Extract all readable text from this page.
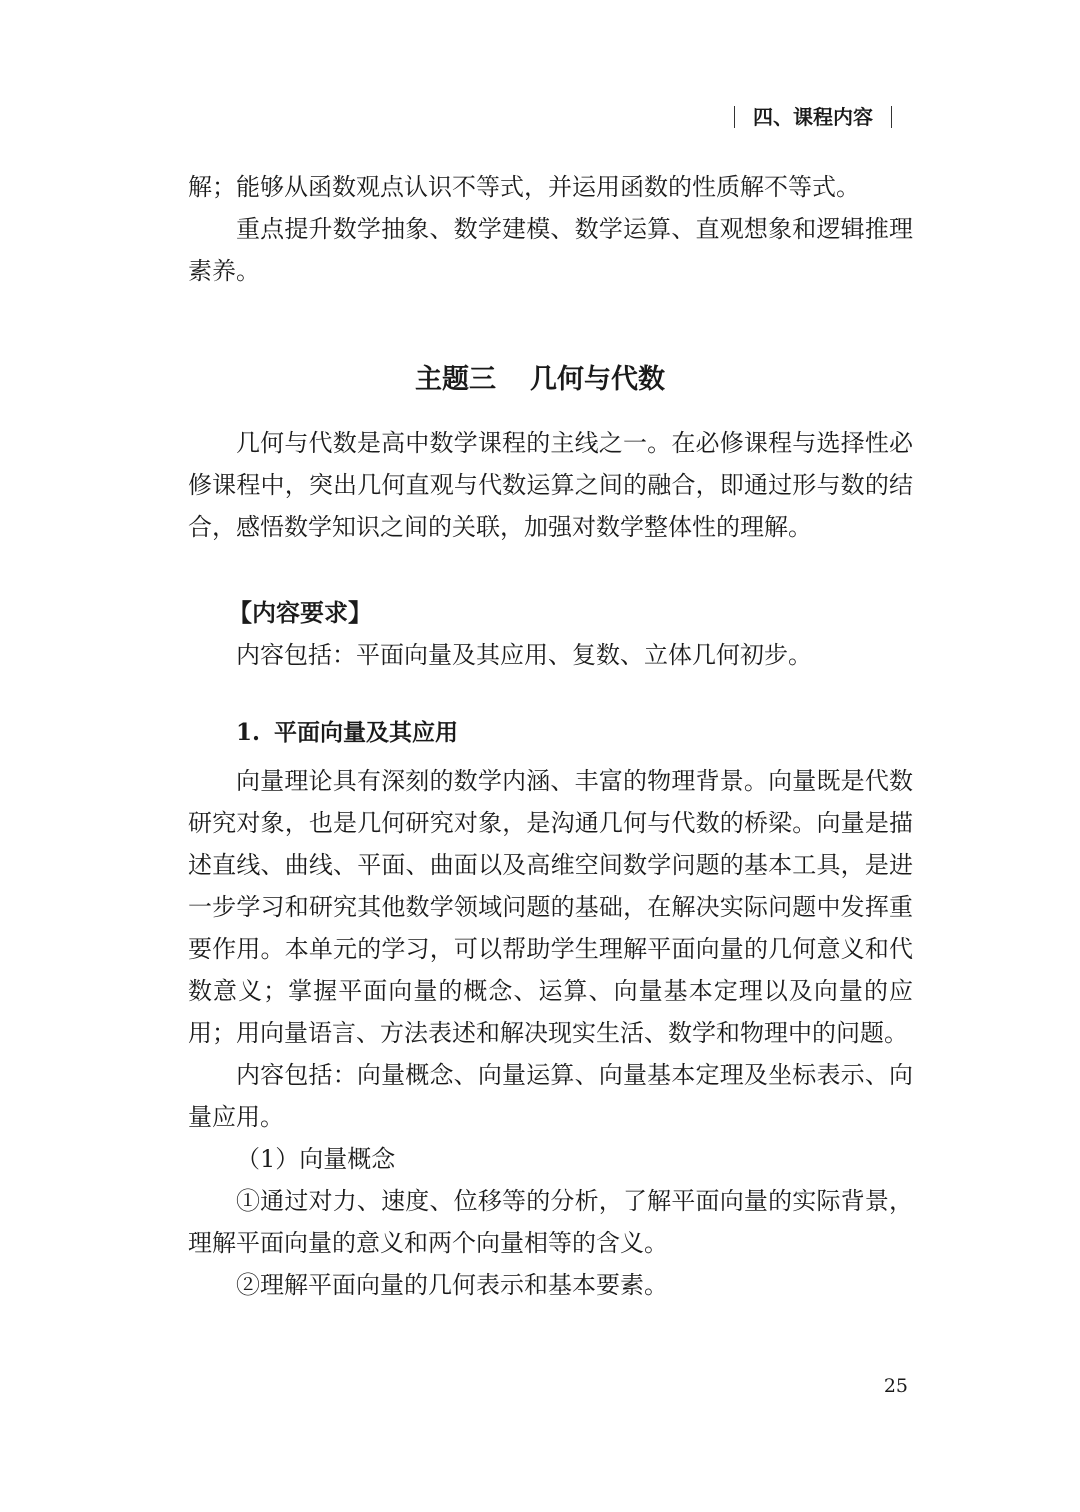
四、课程内容

解；能够从函数观点认识不等式，并运用函数的性质解不等式。

重点提升数学抽象、数学建模、数学运算、直观想象和逻辑推理素养。

主题三 几何与代数

几何与代数是高中数学课程的主线之一。在必修课程与选择性必修课程中，突出几何直观与代数运算之间的融合，即通过形与数的结合，感悟数学知识之间的关联，加强对数学整体性的理解。

【内容要求】

内容包括：平面向量及其应用、复数、立体几何初步。

1. 平面向量及其应用

向量理论具有深刻的数学内涵、丰富的物理背景。向量既是代数研究对象，也是几何研究对象，是沟通几何与代数的桥梁。向量是描述直线、曲线、平面、曲面以及高维空间数学问题的基本工具，是进一步学习和研究其他数学领域问题的基础，在解决实际问题中发挥重要作用。本单元的学习，可以帮助学生理解平面向量的几何意义和代数意义；掌握平面向量的概念、运算、向量基本定理以及向量的应用；用向量语言、方法表述和解决现实生活、数学和物理中的问题。

内容包括：向量概念、向量运算、向量基本定理及坐标表示、向量应用。

（1）向量概念

①通过对力、速度、位移等的分析，了解平面向量的实际背景，理解平面向量的意义和两个向量相等的含义。

②理解平面向量的几何表示和基本要素。

25
